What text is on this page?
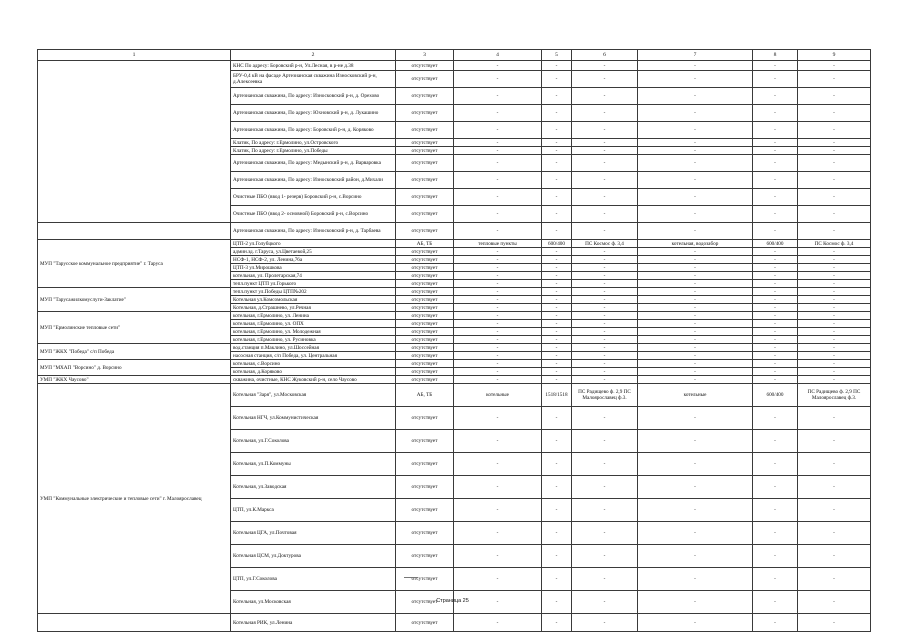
1	2	3	4	5	6	7	8	9
	КНС По адресу: Боровский р-н, Ул.Лесная, в р-не д.38	отсутствует	-	-	-	-	-	-
	БРУ-0,4 кВ на фасаде Артезианская скважина Износковский р-н, д.Алексеевка	отсутствует	-	-	-	-	-	-
	Артезианская скважина, По адресу: Износковский р-н, д. Орехово	отсутствует	-	-	-	-	-	-
	Артезианская скважина, По адресу: Юхновский р-н, д. Лукашино	отсутствует	-	-	-	-	-	-
	Артезианская скважина, По адресу: Боровский р-н, д. Коряково	отсутствует	-	-	-	-	-	-
	Клатик, По адресу: г.Ермолино, ул.Островского	отсутствует	-	-	-	-	-	-
	Клатик, По адресу: г.Ермолино, ул.Победы	отсутствует	-	-	-	-	-	-
	Артезианская скважина, По адресу: Медынский р-н, д. Варваровка	отсутствует	-	-	-	-	-	-
	Артезианская скважина, По адресу: Износковский район, д.Михали	отсутствует	-	-	-	-	-	-
	Очистные ПБО (ввод 1- резерв) Боровский р-н, с.Ворсино	отсутствует	-	-	-	-	-	-
	Очистные ПБО (ввод 2- основной) Боровский р-н, с.Ворсино	отсутствует	-	-	-	-	-	-
	Артезианская скважина, По адресу: Износковский р-н, д. Тарбаева	отсутствует	-	-	-	-	-	-
МУП "Тарусское коммунальное предприятие" г. Таруса	ЦТП-2 ул.Голубцкого	АБ, ТБ	тепловые пункты	600/400	ПС Космос ф. 3,4	котельная, водозабор	600/400	ПС Космос ф. 3,4
	админ.зд. г.Таруса, ул.Цветаевой,25	отсутствует	-	-	-	-	-	-
	НСФ-1, НСФ-2, ул. Ленина,76а	отсутствует	-	-	-	-	-	-
	ЦТП-3 ул.Мирошкова	отсутствует	-	-	-	-	-	-
	котельная, ул. Пролетарская,74	отсутствует	-	-	-	-	-	-
	тепл.пункт ЦТП ул.Горького	отсутствует	-	-	-	-	-	-
МУП "Тарусажилкомуслуги-Заклатие"	тепл.пункт ул.Победы ЦТП№202	отсутствует	-	-	-	-	-	-
	Котельная ул.Комсомольская	отсутствует	-	-	-	-	-	-
	Котельная, д.Страшнево, ул.Речная	отсутствует	-	-	-	-	-	-
МУП "Ермолинские тепловые сети"	котельная, г.Ермолино, ул. Ленина	отсутствует	-	-	-	-	-	-
	котельная, г.Ермолино, ул. ОПХ	отсутствует	-	-	-	-	-	-
	котельная, г.Ермолино, ул. Молодежная	отсутствует	-	-	-	-	-	-
	котельная, г.Ермолино, ул. Русиновка	отсутствует	-	-	-	-	-	-
МУП "ЖКХ "Победа" с/п Победа	вод.станция п.Маклино, ул.Шоссейная	отсутствует	-	-	-	-	-	-
	насосная станция, с/п Победа, ул. Центральная	отсутствует	-	-	-	-	-	-
МУП "МХАП "Ворсино" д. Ворсино	котельная, с.Ворсино	отсутствует	-	-	-	-	-	-
	котельная, д.Коряково	отсутствует	-	-	-	-	-	-
УМП "ЖКХ Чаусово"	скважина, очистные, КНС Жуковский р-н, село Чаусово	отсутствует	-	-	-	-	-	-
УМП "Коммунальные электрические и тепловые сети" г. Малоярославец	Котельная "Заря", ул.Московская	АБ, ТБ	котельные	1518/1518	ПС Радищево ф. 2,9 ПС Малоярославец ф.3.	котельные	600/400	ПС Радищево ф. 2,9 ПС Малоярославец ф.3.
	Котельная НГЧ, ул.Коммунистическая	отсутствует	-	-	-	-	-	-
	Котельная, ул.Г.Соколова	отсутствует	-	-	-	-	-	-
	Котельная, ул.П.Коммуны	отсутствует	-	-	-	-	-	-
	Котельная, ул.Заводская	отсутствует	-	-	-	-	-	-
	ЦТП, ул.К.Маркса	отсутствует	-	-	-	-	-	-
	Котельная ЦГА, ул.Почтовая	отсутствует	-	-	-	-	-	-
	Котельная ЦСМ, ул.Доктурова	отсутствует	-	-	-	-	-	-
	ЦТП, ул.Г.Соколова	отсутствует	-	-	-	-	-	-
	Котельная, ул.Московская	отсутствует	-	-	-	-	-	-
	Котельная РИК, ул.Ленина	отсутствует	-	-	-	-	-	-
Страница 25
